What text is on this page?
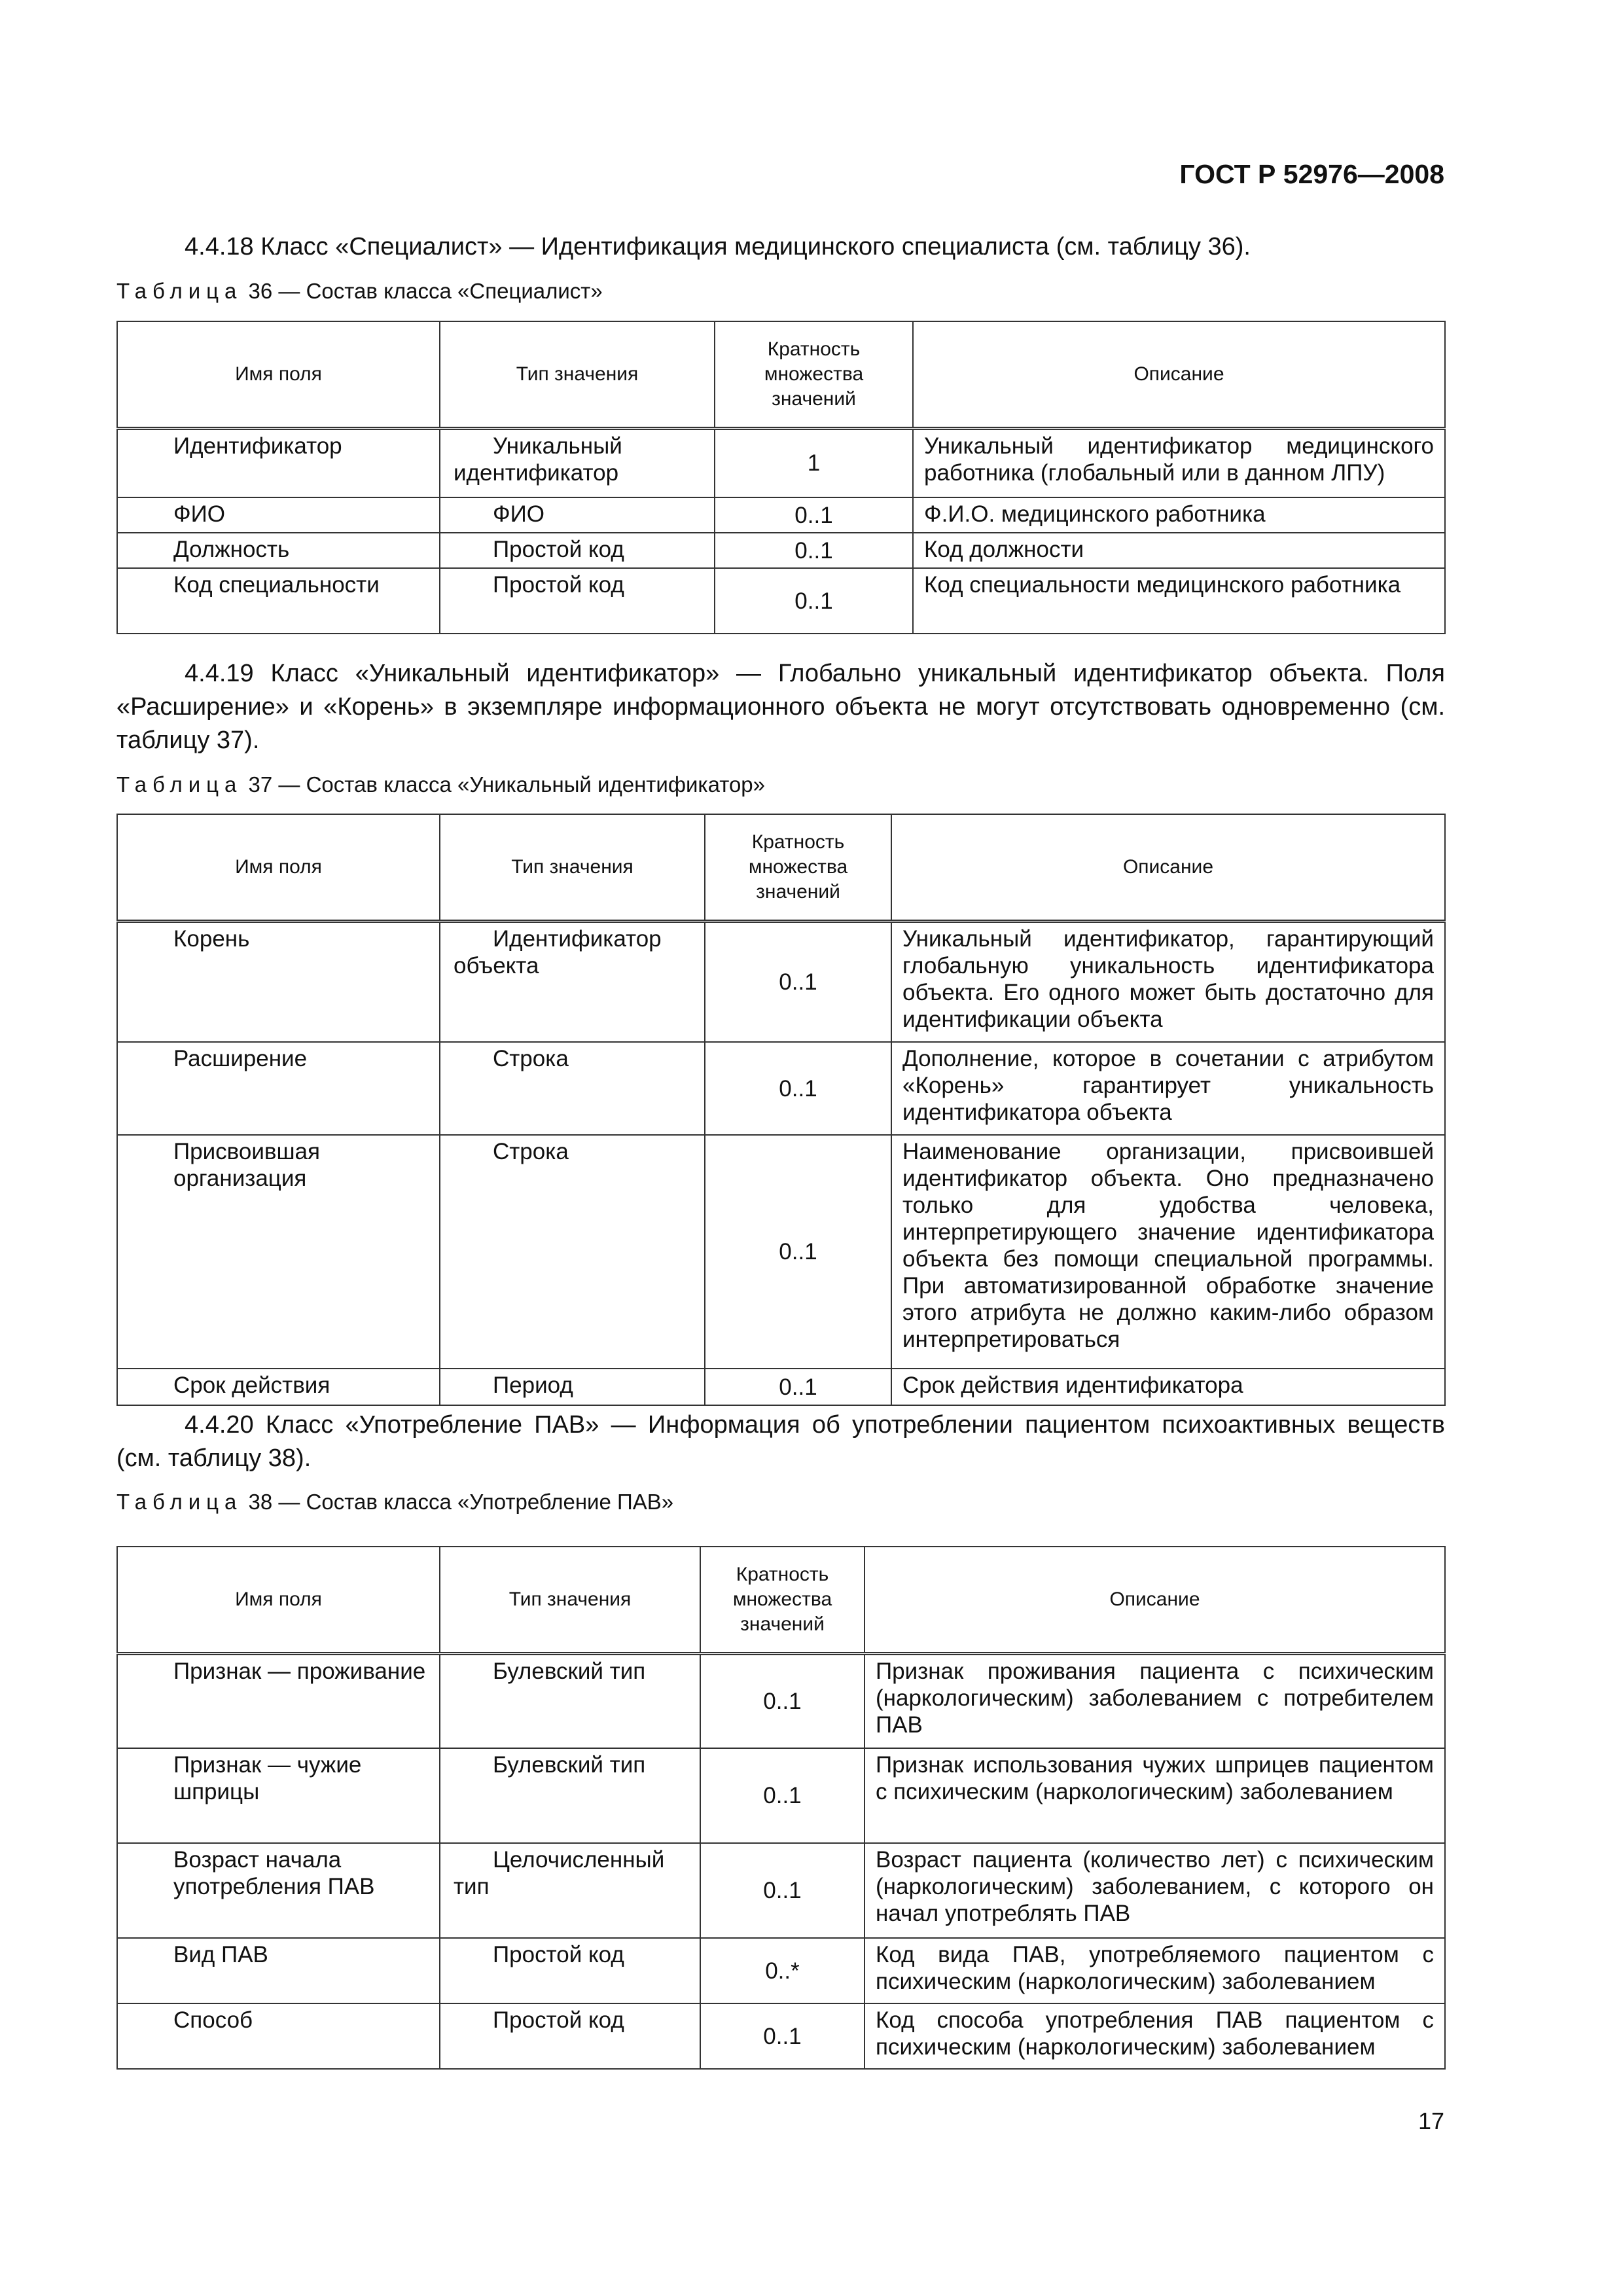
ГОСТ Р 52976—2008
4.4.18 Класс «Специалист» — Идентификация медицинского специалиста (см. таблицу 36).
Таблица 36 — Состав класса «Специалист»
Имя поля	Тип значения	Кратность множества значений	Описание
Идентификатор	Уникальный идентификатор	1	Уникальный идентификатор медицинского работника (глобальный или в данном ЛПУ)
ФИО	ФИО	0..1	Ф.И.О. медицинского работника
Должность	Простой код	0..1	Код должности
Код специальности	Простой код	0..1	Код специальности медицинского работника
4.4.19 Класс «Уникальный идентификатор» — Глобально уникальный идентификатор объекта. Поля «Расширение» и «Корень» в экземпляре информационного объекта не могут отсутствовать одновременно (см. таблицу 37).
Таблица 37 — Состав класса «Уникальный идентификатор»
Имя поля	Тип значения	Кратность множества значений	Описание
Корень	Идентификатор объекта	0..1	Уникальный идентификатор, гарантирующий глобальную уникальность идентификатора объекта. Его одного может быть достаточно для идентификации объекта
Расширение	Строка	0..1	Дополнение, которое в сочетании с атрибутом «Корень» гарантирует уникальность идентификатора объекта
Присвоившая организация	Строка	0..1	Наименование организации, присвоившей идентификатор объекта. Оно предназначено только для удобства человека, интерпретирующего значение идентификатора объекта без помощи специальной программы. При автоматизированной обработке значение этого атрибута не должно каким-либо образом интерпретироваться
Срок действия	Период	0..1	Срок действия идентификатора
4.4.20 Класс «Употребление ПАВ» — Информация об употреблении пациентом психоактивных веществ (см. таблицу 38).
Таблица 38 — Состав класса «Употребление ПАВ»
Имя поля	Тип значения	Кратность множества значений	Описание
Признак — проживание	Булевский тип	0..1	Признак проживания пациента с психическим (наркологическим) заболеванием с потребителем ПАВ
Признак — чужие шприцы	Булевский тип	0..1	Признак использования чужих шприцев пациентом с психическим (наркологическим) заболеванием
Возраст начала употребления ПАВ	Целочисленный тип	0..1	Возраст пациента (количество лет) с психическим (наркологическим) заболеванием, с которого он начал употреблять ПАВ
Вид ПАВ	Простой код	0..*	Код вида ПАВ, употребляемого пациентом с психическим (наркологическим) заболеванием
Способ	Простой код	0..1	Код способа употребления ПАВ пациентом с психическим (наркологическим) заболеванием
17
